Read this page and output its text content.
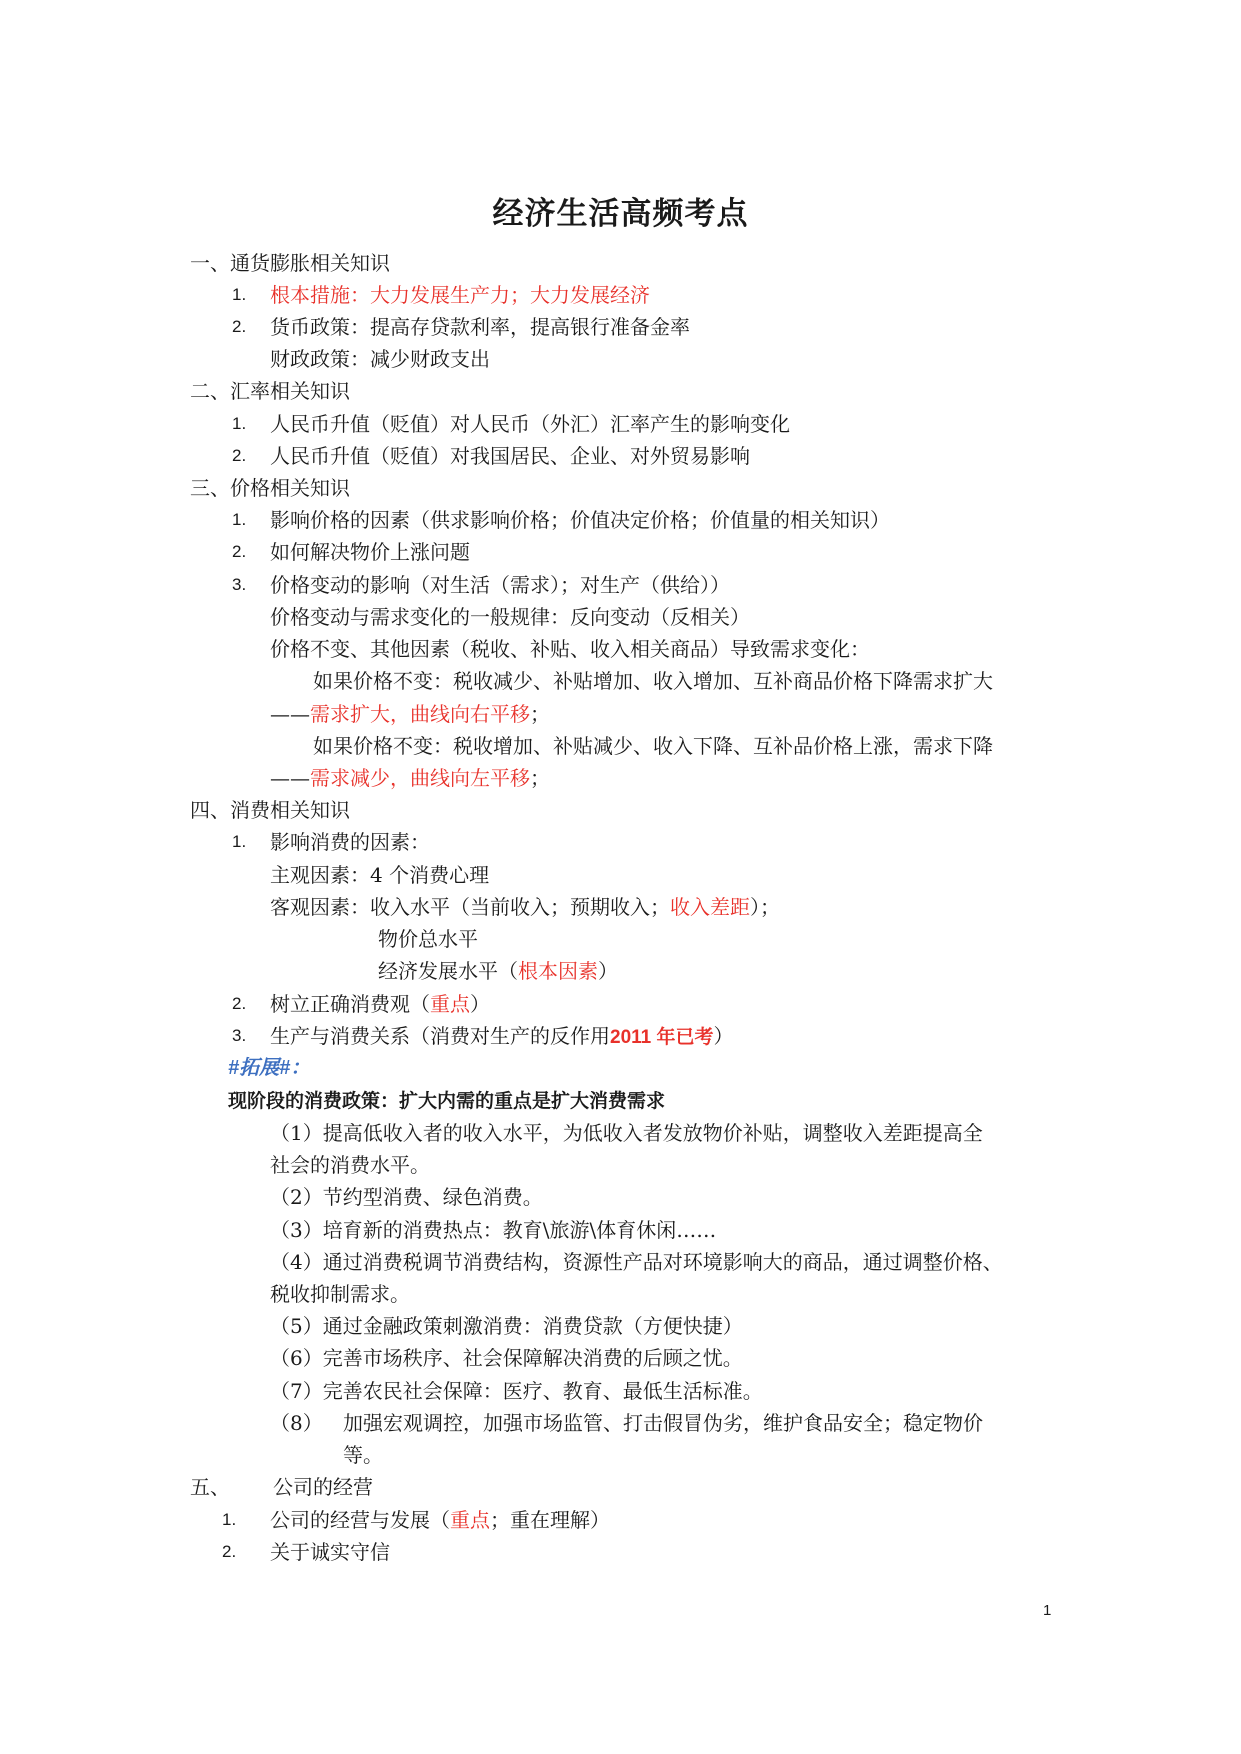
经济生活高频考点
一、通货膨胀相关知识
1. 根本措施：大力发展生产力；大力发展经济
2. 货币政策：提高存贷款利率，提高银行准备金率
财政政策：减少财政支出
二、汇率相关知识
1. 人民币升值（贬值）对人民币（外汇）汇率产生的影响变化
2. 人民币升值（贬值）对我国居民、企业、对外贸易影响
三、价格相关知识
1. 影响价格的因素（供求影响价格；价值决定价格；价值量的相关知识）
2. 如何解决物价上涨问题
3. 价格变动的影响（对生活（需求）；对生产（供给））
价格变动与需求变化的一般规律：反向变动（反相关）
价格不变、其他因素（税收、补贴、收入相关商品）导致需求变化：
如果价格不变：税收减少、补贴增加、收入增加、互补商品价格下降需求扩大
——需求扩大，曲线向右平移；
如果价格不变：税收增加、补贴减少、收入下降、互补品价格上涨，需求下降
——需求减少，曲线向左平移；
四、消费相关知识
1. 影响消费的因素：
主观因素：4 个消费心理
客观因素：收入水平（当前收入；预期收入；收入差距）；
物价总水平
经济发展水平（根本因素）
2. 树立正确消费观（重点）
3. 生产与消费关系（消费对生产的反作用2011 年已考）
#拓展#：
现阶段的消费政策：扩大内需的重点是扩大消费需求
（1）提高低收入者的收入水平，为低收入者发放物价补贴，调整收入差距提高全
社会的消费水平。
（2）节约型消费、绿色消费。
（3）培育新的消费热点：教育\旅游\体育休闲……
（4）通过消费税调节消费结构，资源性产品对环境影响大的商品，通过调整价格、
税收抑制需求。
（5）通过金融政策刺激消费：消费贷款（方便快捷）
（6）完善市场秩序、社会保障解决消费的后顾之忧。
（7）完善农民社会保障：医疗、教育、最低生活标准。
（8） 加强宏观调控，加强市场监管、打击假冒伪劣，维护食品安全；稳定物价
等。
五、 公司的经营
1. 公司的经营与发展（重点；重在理解）
2. 关于诚实守信
1
